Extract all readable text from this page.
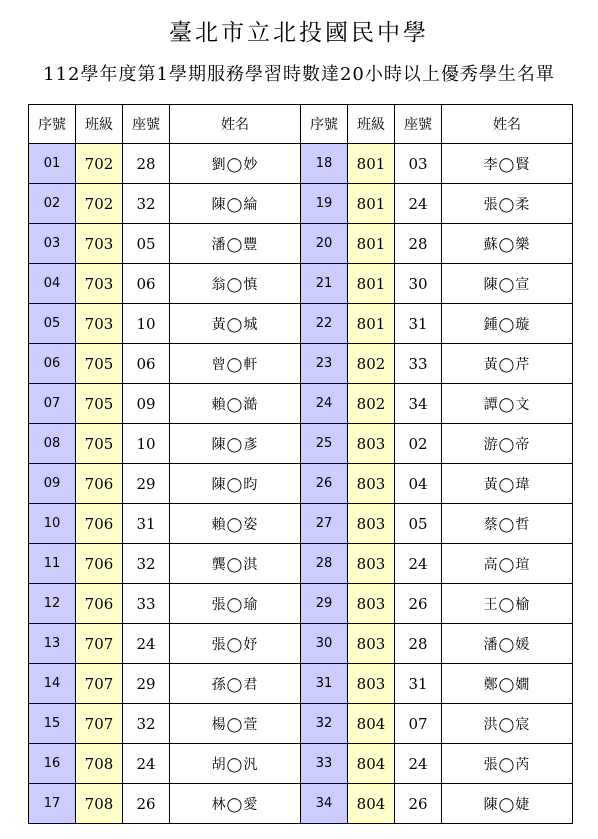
臺北市立北投國民中學
112學年度第1學期服務學習時數達20小時以上優秀學生名單
序號	班級	座號	姓名	序號	班級	座號	姓名
01	702	28	劉◯妙	18	801	03	李◯賢
02	702	32	陳◯綸	19	801	24	張◯柔
03	703	05	潘◯豐	20	801	28	蘇◯樂
04	703	06	翁◯慎	21	801	30	陳◯宣
05	703	10	黃◯城	22	801	31	鍾◯璇
06	705	06	曾◯軒	23	802	33	黃◯芹
07	705	09	賴◯澔	24	802	34	譚◯文
08	705	10	陳◯彥	25	803	02	游◯帝
09	706	29	陳◯昀	26	803	04	黃◯瑋
10	706	31	賴◯姿	27	803	05	蔡◯哲
11	706	32	龔◯淇	28	803	24	高◯瑄
12	706	33	張◯瑜	29	803	26	王◯榆
13	707	24	張◯妤	30	803	28	潘◯媛
14	707	29	孫◯君	31	803	31	鄭◯嫺
15	707	32	楊◯萱	32	804	07	洪◯宸
16	708	24	胡◯汎	33	804	24	張◯芮
17	708	26	林◯愛	34	804	26	陳◯婕
